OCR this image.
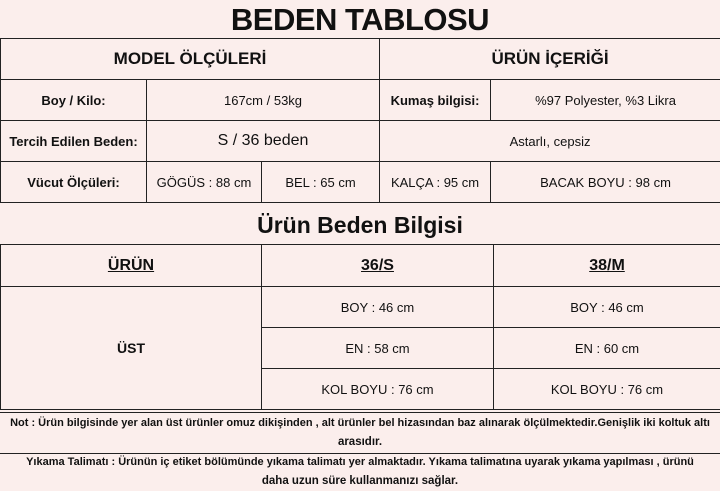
BEDEN TABLOSU
MODEL ÖLÇÜLERİ			ÜRÜN İÇERİĞİ	
Boy / Kilo:	167cm / 53kg		Kumaş bilgisi:	%97 Polyester, %3 Likra
Tercih Edilen Beden:	S / 36 beden		Astarlı, cepsiz	
Vücut Ölçüleri:	GÖGÜS : 88 cm	BEL : 65 cm	KALÇA : 95 cm	BACAK BOYU : 98 cm
Ürün Beden Bilgisi
ÜRÜN	36/S	38/M
ÜST	BOY : 46 cm	BOY : 46 cm
	EN : 58 cm	EN : 60 cm
	KOL BOYU : 76 cm	KOL BOYU : 76 cm
Not : Ürün bilgisinde yer alan üst ürünler omuz dikişinden , alt ürünler bel hizasından baz alınarak ölçülmektedir.Genişlik iki koltuk altı
arasıdır.
Yıkama Talimatı : Ürünün iç etiket bölümünde yıkama talimatı yer almaktadır. Yıkama talimatına uyarak yıkama yapılması , ürünü
daha uzun süre kullanmanızı sağlar.
